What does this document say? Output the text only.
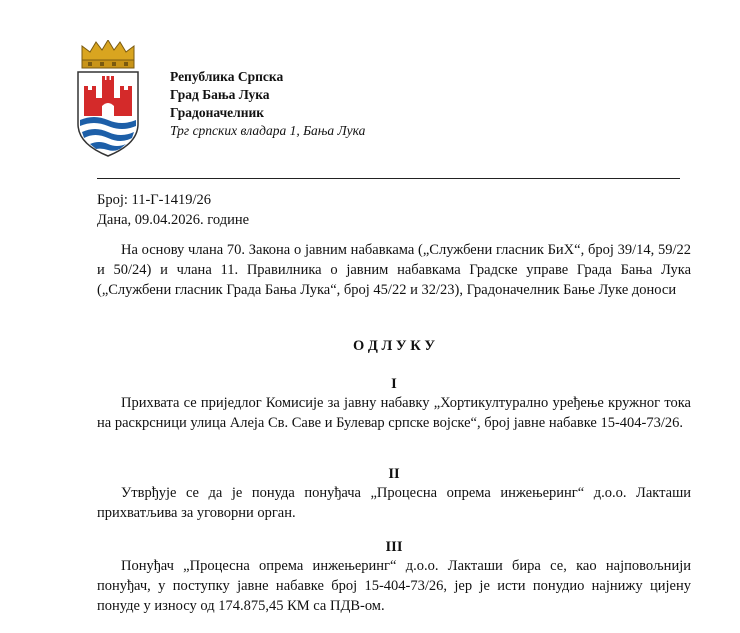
Република Српска
Град Бања Лука
Градоначелник
Трг српских владара 1, Бања Лука
Број: 11-Г-1419/26
Дана, 09.04.2026. године
На основу члана 70. Закона о јавним набавкама („Службени гласник БиХ“, број 39/14, 59/22 и 50/24) и члана 11. Правилника о јавним набавкама Градске управе Града Бања Лука („Службени гласник Града Бања Лука“, број 45/22 и 32/23), Градоначелник Бање Луке доноси
О Д Л У К У
I
Прихвата се приједлог Комисије за јавну набавку „Хортикултурално уређење кружног тока на раскрсници улица Алеја Св. Саве и Булевар српске војске“, број јавне набавке 15-404-73/26.
II
Утврђује се да је понуда понуђача „Процесна опрема инжењеринг“ д.о.о. Лакташи прихватљива за уговорни орган.
III
Понуђач „Процесна опрема инжењеринг“ д.о.о. Лакташи бира се, као најповољнији понуђач, у поступку јавне набавке број 15-404-73/26, јер је исти понудио најнижу цијену понуде у износу од 174.875,45 КМ са ПДВ-ом.
